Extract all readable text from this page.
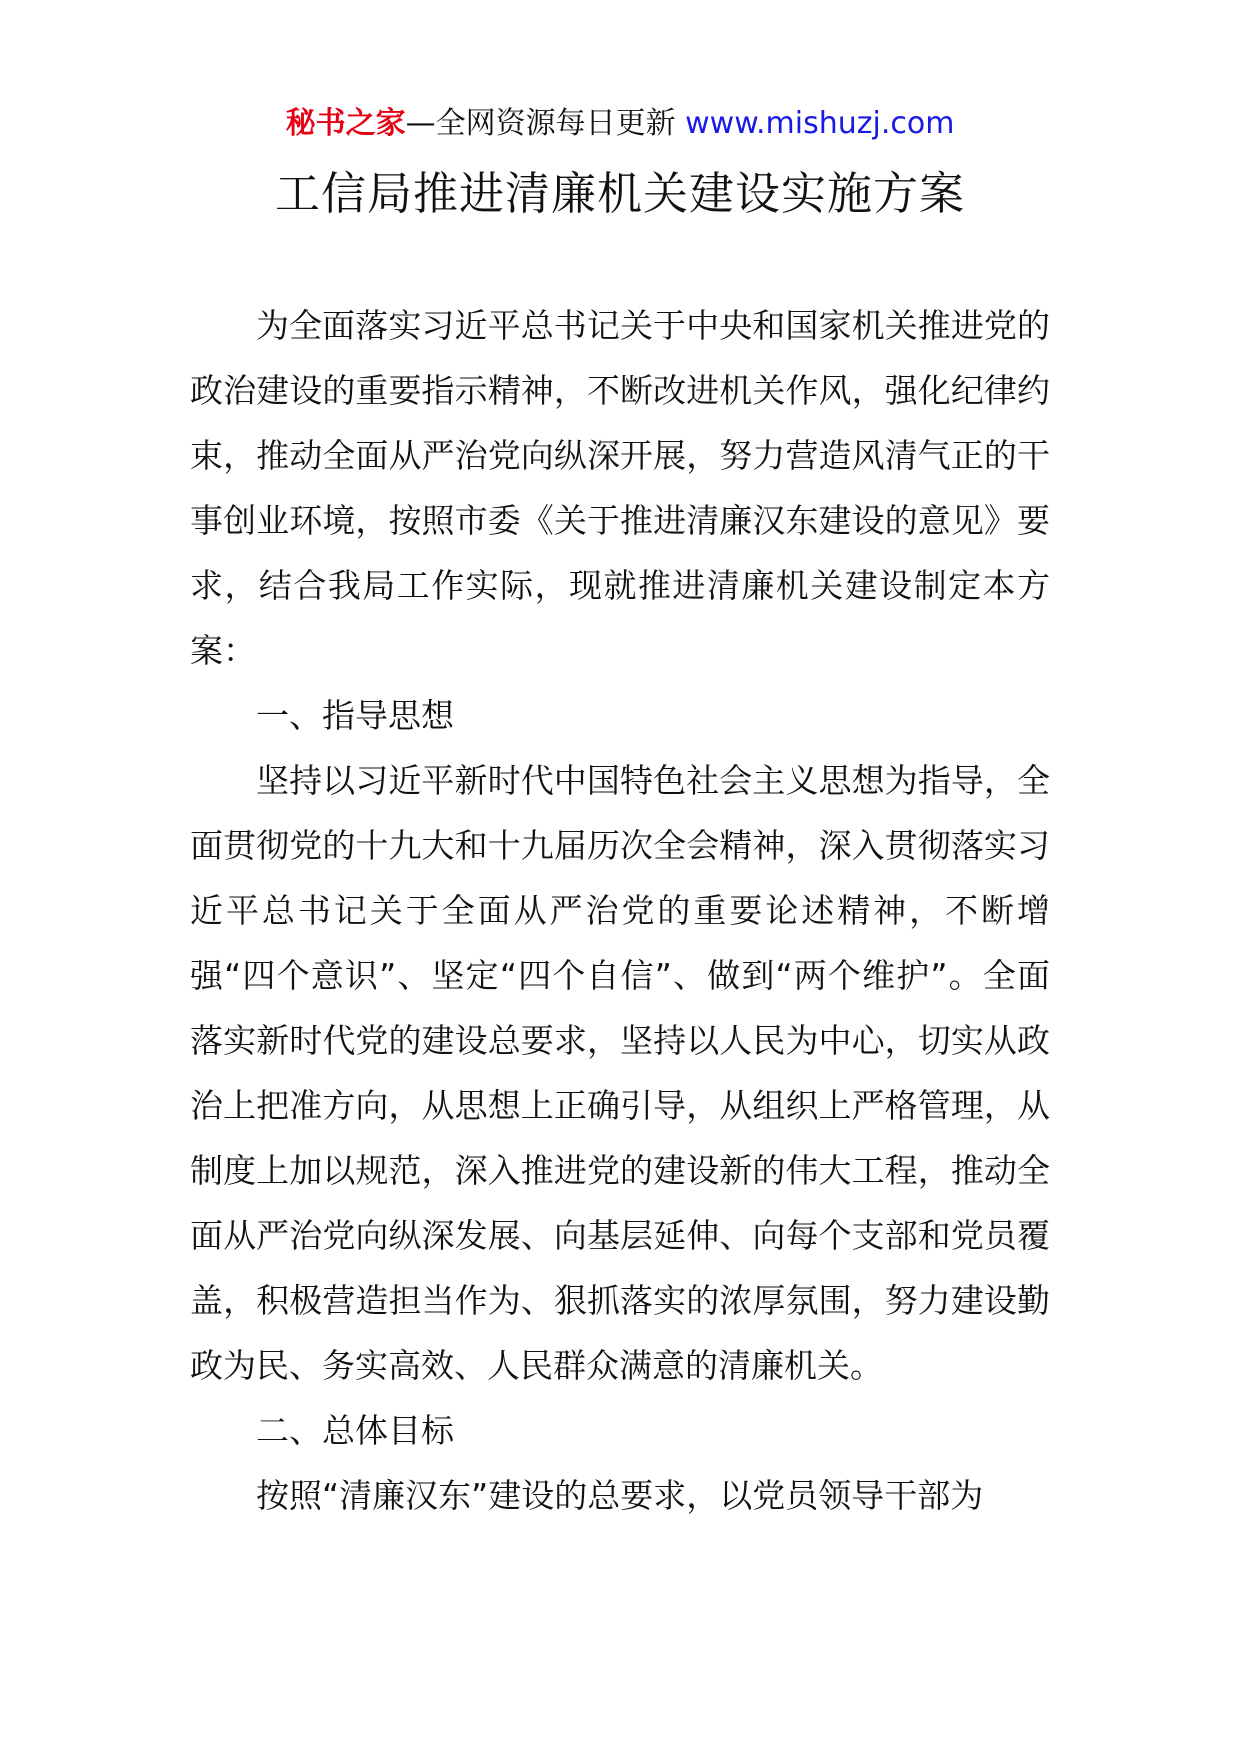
秘书之家—全网资源每日更新 www.mishuzj.com
工信局推进清廉机关建设实施方案

为全面落实习近平总书记关于中央和国家机关推进党的政治建设的重要指示精神，不断改进机关作风，强化纪律约束，推动全面从严治党向纵深开展，努力营造风清气正的干事创业环境，按照市委《关于推进清廉汉东建设的意见》要求，结合我局工作实际，现就推进清廉机关建设制定本方案：

一、指导思想

坚持以习近平新时代中国特色社会主义思想为指导，全面贯彻党的十九大和十九届历次全会精神，深入贯彻落实习近平总书记关于全面从严治党的重要论述精神，不断增强“四个意识”、坚定“四个自信”、做到“两个维护”。全面落实新时代党的建设总要求，坚持以人民为中心，切实从政治上把准方向，从思想上正确引导，从组织上严格管理，从制度上加以规范，深入推进党的建设新的伟大工程，推动全面从严治党向纵深发展、向基层延伸、向每个支部和党员覆盖，积极营造担当作为、狠抓落实的浓厚氛围，努力建设勤政为民、务实高效、人民群众满意的清廉机关。

二、总体目标

按照“清廉汉东”建设的总要求，以党员领导干部为
